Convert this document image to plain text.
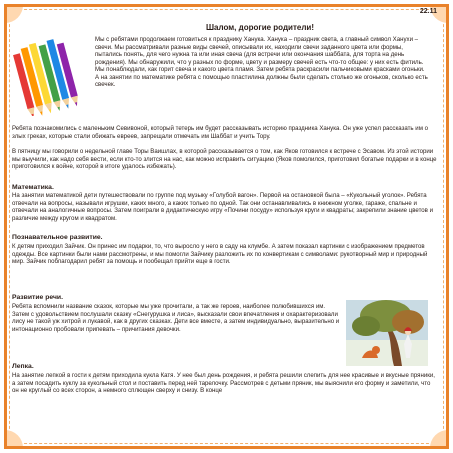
22.11
Шалом, дорогие родители!

Мы с ребятами продолжаем готовиться к празднику Ханука. Ханука – праздник света, а главный символ Ханухи – свечи. Мы рассматривали разные виды свечей, описывали их, находили свечи заданного цвета или формы, пытались понять, для чего нужна та или иная свеча (для встречи или окончания шаббата, для торта на день рождения). Мы обнаружили, что у разных по форме, цвету и размеру свечей есть что-то общее: у них есть фитиль. Мы понаблюдали, как горит свеча и какого цвета пламя. Затем ребята раскрасили пальчиковыми красками огоньки. А на занятии по математике ребята с помощью пластилина должны были сделать столько же огоньков, сколько есть свечек.

Ребята познакомились с маленьким Севивоной, который тетерь им будет рассказывать историю праздника Ханука. Он уже успел рассказать им о злых греках, которые стали обижать евреев, запрещали отмечать им Шаббат и учить Тору.

В пятницу мы говорили о недельной главе Торы Ваишлах, в которой рассказывается о том, как Яков готовился к встрече с Эсавом. Из этой истории мы выучили, как надо себя вести, если кто-то злится на нас, как можно исправить ситуацию (Яков помолился, приготовил богатые подарки и в конце приготовился к войне, которой в итоге удалось избежать).

Математика.

На занятии математикой дети путешествовали по группе под музыку «Голубой вагон». Первой на остановкой была – «Кукольный уголок». Ребята отвечали на вопросы, называли игрушки, каких много, а каких только по одной. Так они останавливались в книжном уголке, гараже, спальне и отвечали на аналогичные вопросы. Затем поиграли в дидактическую игру «Почини посуду» используя круги и квадраты; закрепили знание цветов и различие между кругом и квадратом.

Познавательное развитие.

К детям приходил Зайчик. Он принес им подарки, то, что выросло у него в саду на клумбе. А затем показал картинки с изображением предметов одежды. Все картинки были нами рассмотрены, и мы помогли Зайчику разложить их по конвертикам с символами: рукотворный мир и природный мир. Зайчик поблагодарил ребят за помощь и пообещал прийти еще в гости.

Развитие речи.

Ребята вспомнили название сказок, которые мы уже прочитали, а так же героев, наиболее полюбившихся им. Затем с удовольствием послушали сказку «Снегурушка и лиса», высказали свои впечатления и охарактеризовали лису не такой уж хитрой и лукавой, как в других сказках. Дети все вместе, а затем индивидуально, выразительно и интонационно пробовали припевать – причитания девочки.

Лепка.

На занятие лепкой в гости к детям приходила кукла Катя. У нее был день рождения, и ребята решили слепить для нее красивые и вкусные пряники, а затем посадить куклу за кукольный стол и поставить перед ней тарелочку. Рассмотрев с детьми пряник, мы выяснили его форму и заметили, что он не круглый со всех сторон, а немного сплющен сверху и снизу. В конце
